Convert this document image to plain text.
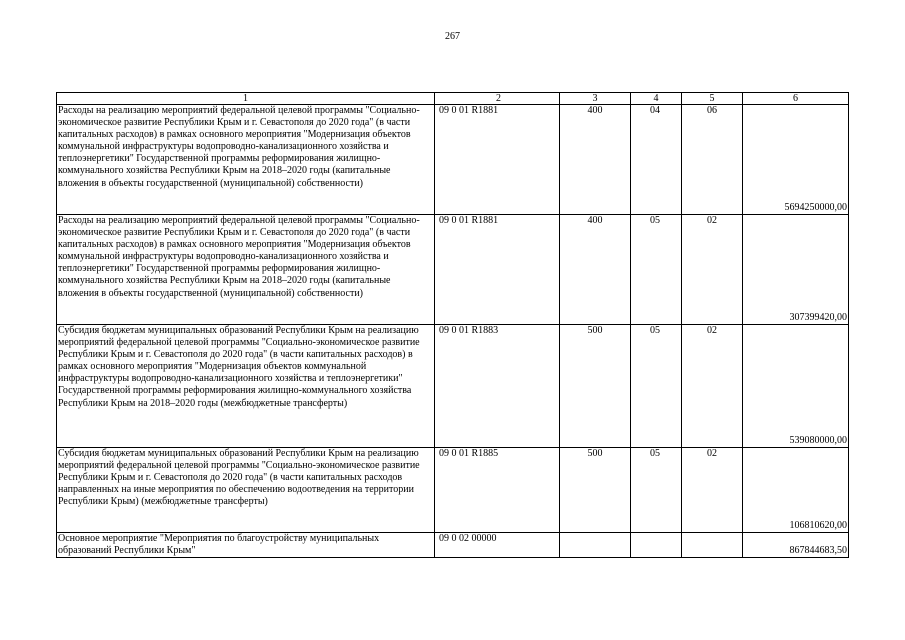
267
1	2	3	4	5	6
Расходы на реализацию мероприятий федеральной целевой программы "Социально-экономическое развитие Республики Крым и г. Севастополя до 2020 года" (в части капитальных расходов) в рамках основного мероприятия "Модернизация объектов коммунальной инфраструктуры водопроводно-канализационного хозяйства и теплоэнергетики" Государственной программы реформирования жилищно-коммунального хозяйства Республики Крым на 2018–2020 годы (капитальные вложения в объекты государственной (муниципальной) собственности)	09 0 01 R1881	400	04	06	5694250000,00
Расходы на реализацию мероприятий федеральной целевой программы "Социально-экономическое развитие Республики Крым и г. Севастополя до 2020 года" (в части капитальных расходов) в рамках основного мероприятия "Модернизация объектов коммунальной инфраструктуры водопроводно-канализационного хозяйства и теплоэнергетики" Государственной программы реформирования жилищно-коммунального хозяйства Республики Крым на 2018–2020 годы (капитальные вложения в объекты государственной (муниципальной) собственности)	09 0 01 R1881	400	05	02	307399420,00
Субсидия бюджетам муниципальных образований Республики Крым на реализацию мероприятий федеральной целевой программы "Социально-экономическое развитие Республики Крым и г. Севастополя до 2020 года" (в части капитальных расходов) в рамках основного мероприятия "Модернизация объектов коммунальной инфраструктуры водопроводно-канализационного хозяйства и теплоэнергетики" Государственной программы реформирования жилищно-коммунального хозяйства Республики Крым на 2018–2020 годы (межбюджетные трансферты)	09 0 01 R1883	500	05	02	539080000,00
Субсидия бюджетам муниципальных образований Республики Крым на реализацию мероприятий федеральной целевой программы "Социально-экономическое развитие Республики Крым и г. Севастополя до 2020 года" (в части капитальных расходов направленных на иные мероприятия по обеспечению водоотведения на территории Республики Крым) (межбюджетные трансферты)	09 0 01 R1885	500	05	02	106810620,00
Основное мероприятие "Мероприятия по благоустройству муниципальных образований Республики Крым"	09 0 02 00000				867844683,50
